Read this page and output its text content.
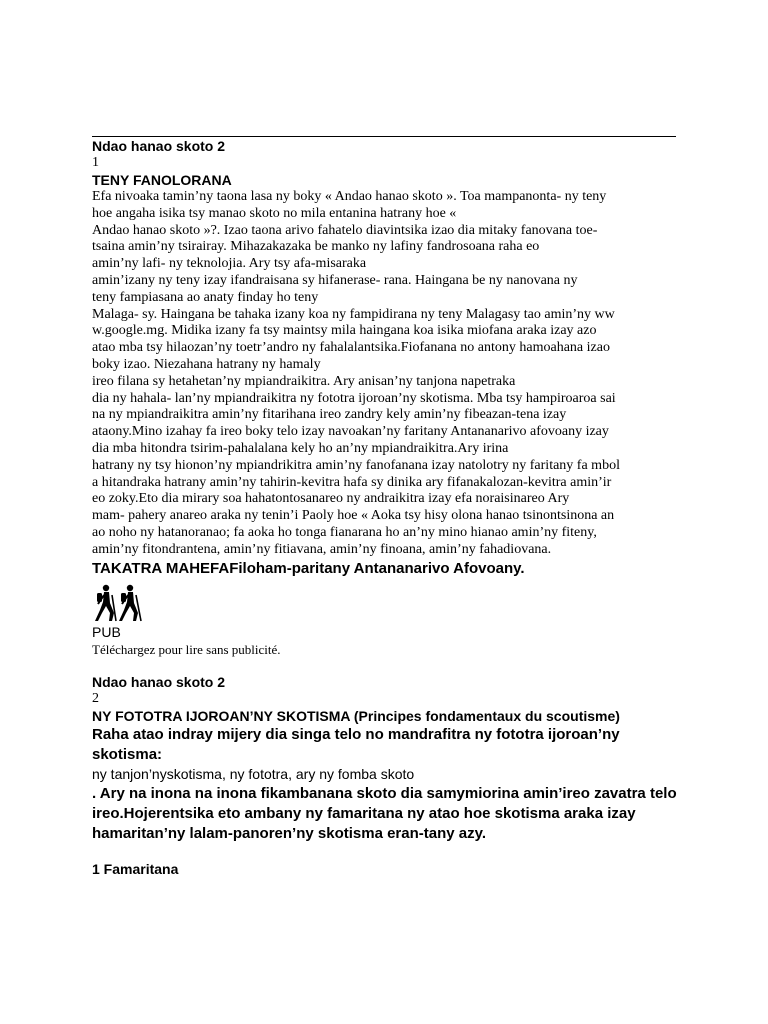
Ndao hanao skoto 2
1
TENY FANOLORANA
Efa nivoaka tamin’ny taona lasa ny boky « Andao hanao skoto ». Toa mampanonta- ny teny
hoe angaha isika tsy manao skoto no mila entanina hatrany hoe «
Andao hanao skoto »?. Izao taona arivo fahatelo diavintsika izao dia mitaky fanovana toe-
tsaina amin’ny tsirairay. Mihazakazaka be manko ny lafiny fandrosoana raha eo
amin’ny lafi- ny teknolojia. Ary tsy afa-misaraka
amin’izany ny teny izay ifandraisana sy hifanerase- rana. Haingana be ny nanovana ny
teny fampiasana ao anaty finday ho teny
Malaga- sy. Haingana be tahaka izany koa ny fampidirana ny teny Malagasy tao amin’ny ww
w.google.mg. Midika izany fa tsy maintsy mila haingana koa isika miofana araka izay azo
atao mba tsy hilaozan’ny toetr’andro ny fahalalantsika.Fiofanana no antony hamoahana izao
boky izao. Niezahana hatrany ny hamaly
ireo filana sy hetahetan’ny mpiandraikitra. Ary anisan’ny tanjona napetraka
dia ny hahala- lan’ny mpiandraikitra ny fototra ijoroan’ny skotisma. Mba tsy hampiroaroa sai
na ny mpiandraikitra amin’ny fitarihana ireo zandry kely amin’ny fibeazan-tena izay
ataony.Mino izahay fa ireo boky telo izay navoakan’ny faritany Antananarivo afovoany izay
dia mba hitondra tsirim-pahalalana kely ho an’ny mpiandraikitra.Ary irina
hatrany ny tsy hionon’ny mpiandrikitra amin’ny fanofanana izay natolotry ny faritany fa mbol
a hitandraka hatrany amin’ny tahirin-kevitra hafa sy dinika ary fifanakalozan-kevitra amin’ir
eo zoky.Eto dia mirary soa hahatontosanareo ny andraikitra izay efa noraisinareo Ary
mam- pahery anareo araka ny tenin’i Paoly hoe « Aoka tsy hisy olona hanao tsinontsinona an
ao noho ny hatanoranao; fa aoka ho tonga fianarana ho an’ny mino hianao amin’ny fiteny,
amin’ny fitondrantena, amin’ny fitiavana, amin’ny finoana, amin’ny fahadiovana.
TAKATRA MAHEFAFiloham-paritany Antananarivo Afovoany.
PUB
Téléchargez pour lire sans publicité.
Ndao hanao skoto 2
2
NY FOTOTRA IJOROAN’NY SKOTISMA (Principes fondamentaux du scoutisme)
Raha atao indray mijery dia singa telo no mandrafitra ny fototra ijoroan’ny skotisma:
ny tanjon’nyskotisma, ny fototra, ary ny fomba skoto
. Ary na inona na inona fikambanana skoto dia samymiorina amin’ireo zavatra telo ireo.Hojerentsika eto ambany ny famaritana ny atao hoe skotisma araka izay hamaritan’ny lalam-panoren’ny skotisma eran-tany azy.
1 Famaritana
